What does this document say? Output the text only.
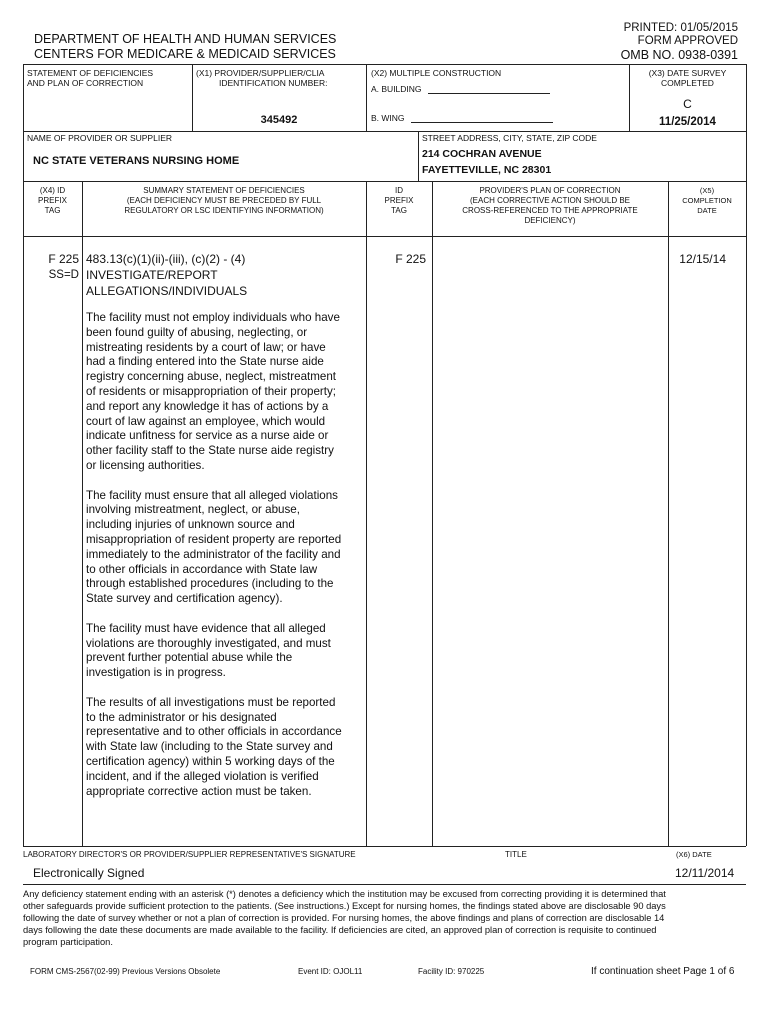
DEPARTMENT OF HEALTH AND HUMAN SERVICES
CENTERS FOR MEDICARE & MEDICAID SERVICES
PRINTED: 01/05/2015
FORM APPROVED
OMB NO. 0938-0391
STATEMENT OF DEFICIENCIES
AND PLAN OF CORRECTION
(X1) PROVIDER/SUPPLIER/CLIA
IDENTIFICATION NUMBER:
345492
(X2) MULTIPLE CONSTRUCTION
A. BUILDING
B. WING
(X3) DATE SURVEY
COMPLETED
C
11/25/2014
NAME OF PROVIDER OR SUPPLIER
NC STATE VETERANS NURSING HOME
STREET ADDRESS, CITY, STATE, ZIP CODE
214 COCHRAN AVENUE
FAYETTEVILLE, NC 28301
(X4) ID
PREFIX
TAG
SUMMARY STATEMENT OF DEFICIENCIES
(EACH DEFICIENCY MUST BE PRECEDED BY FULL
REGULATORY OR LSC IDENTIFYING INFORMATION)
ID
PREFIX
TAG
PROVIDER'S PLAN OF CORRECTION
(EACH CORRECTIVE ACTION SHOULD BE
CROSS-REFERENCED TO THE APPROPRIATE
DEFICIENCY)
(X5)
COMPLETION
DATE
F 225
SS=D
483.13(c)(1)(ii)-(iii), (c)(2) - (4)
INVESTIGATE/REPORT
ALLEGATIONS/INDIVIDUALS
The facility must not employ individuals who have
been found guilty of abusing, neglecting, or
mistreating residents by a court of law; or have
had a finding entered into the State nurse aide
registry concerning abuse, neglect, mistreatment
of residents or misappropriation of their property;
and report any knowledge it has of actions by a
court of law against an employee, which would
indicate unfitness for service as a nurse aide or
other facility staff to the State nurse aide registry
or licensing authorities.
The facility must ensure that all alleged violations
involving mistreatment, neglect, or abuse,
including injuries of unknown source and
misappropriation of resident property are reported
immediately to the administrator of the facility and
to other officials in accordance with State law
through established procedures (including to the
State survey and certification agency).
The facility must have evidence that all alleged
violations are thoroughly investigated, and must
prevent further potential abuse while the
investigation is in progress.
The results of all investigations must be reported
to the administrator or his designated
representative and to other officials in accordance
with State law (including to the State survey and
certification agency) within 5 working days of the
incident, and if the alleged violation is verified
appropriate corrective action must be taken.
F 225	12/15/14
LABORATORY DIRECTOR'S OR PROVIDER/SUPPLIER REPRESENTATIVE'S SIGNATURE	TITLE	(X6) DATE
Electronically Signed	12/11/2014
Any deficiency statement ending with an asterisk (*) denotes a deficiency which the institution may be excused from correcting providing it is determined that
other safeguards provide sufficient protection to the patients. (See instructions.) Except for nursing homes, the findings stated above are disclosable 90 days
following the date of survey whether or not a plan of correction is provided. For nursing homes, the above findings and plans of correction are disclosable 14
days following the date these documents are made available to the facility. If deficiencies are cited, an approved plan of correction is requisite to continued
program participation.
FORM CMS-2567(02-99) Previous Versions Obsolete	Event ID: OJOL11	Facility ID: 970225	If continuation sheet Page 1 of 6
